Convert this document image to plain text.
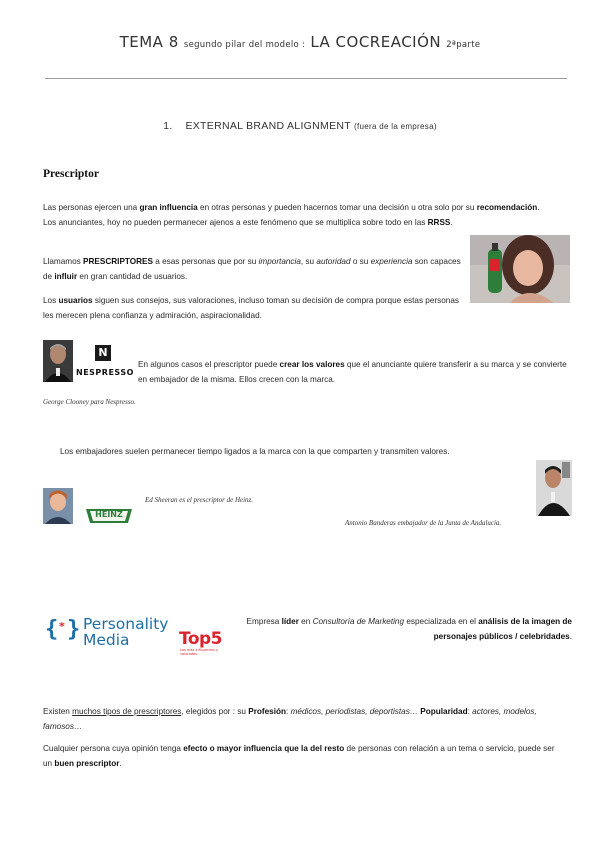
TEMA 8 segundo pilar del modelo : LA COCREACIÓN 2ªparte
1. EXTERNAL BRAND ALIGNMENT (fuera de la empresa)
Prescriptor
Las personas ejercen una gran influencia en otras personas y pueden hacernos tomar una decisión u otra solo por su recomendación. Los anunciantes, hoy no pueden permanecer ajenos a este fenómeno que se multiplica sobre todo en las RRSS.
Llamamos PRESCRIPTORES a esas personas que por su importancia, su autoridad o su experiencia son capaces de influir en gran cantidad de usuarios.
Los usuarios siguen sus consejos, sus valoraciones, incluso toman su decisión de compra porque estas personas les merecen plena confianza y admiración, aspiracionalidad.
N
NESPRESSO
En algunos casos el prescriptor puede crear los valores que el anunciante quiere transferir a su marca y se convierte en embajador de la misma. Ellos crecen con la marca.
George Clooney para Nespresso.
Los embajadores suelen permanecer tiempo ligados a la marca con la que comparten y transmiten valores.
HEINZ
Ed Sheeran es el prescriptor de Heinz.
Antonio Banderas embajador de la Junta de Andalucía.
{ * } Personality
Media	Top5
Los más influyentes y valorados
Empresa líder en Consultoría de Marketing especializada en el análisis de la imagen de personajes públicos / celebridades.
Existen muchos tipos de prescriptores, elegidos por : su Profesión: médicos, periodistas, deportistas… Popularidad: actores, modelos, famosos…
Cualquier persona cuya opinión tenga efecto o mayor influencia que la del resto de personas con relación a un tema o servicio, puede ser un buen prescriptor.
